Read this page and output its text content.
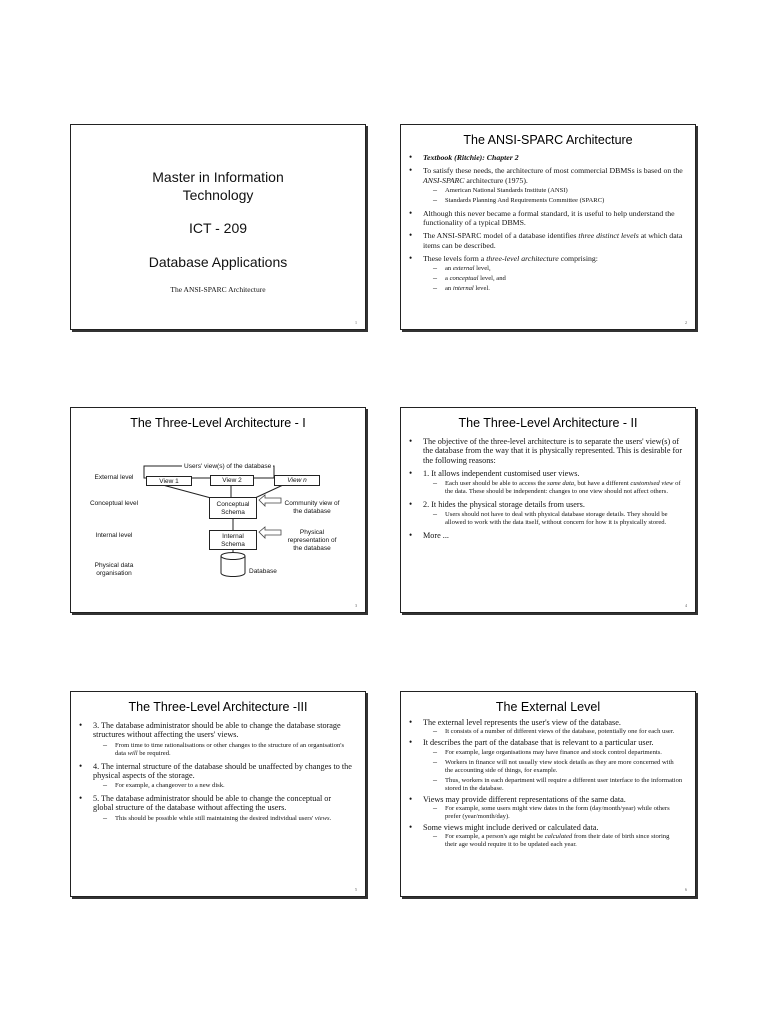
Master in Information
Technology
ICT - 209
Database Applications
The ANSI-SPARC Architecture
1
The ANSI-SPARC Architecture
• Textbook (Ritchie): Chapter 2
• To satisfy these needs, the architecture of most commercial DBMSs is based on the ANSI-SPARC architecture (1975).
– American National Standards Institute (ANSI)
– Standards Planning And Requirements Committee (SPARC)
• Although this never became a formal standard, it is useful to help understand the functionality of a typical DBMS.
• The ANSI-SPARC model of a database identifies three distinct levels at which data items can be described.
• These levels form a three-level architecture comprising:
– an external level,
– a conceptual level, and
– an internal level.
2
The Three-Level Architecture - I
Users' view(s) of the database
View 1	View 2	View n
Conceptual Schema
Internal Schema
External level
Conceptual level
Internal level
Physical data organisation
Community view of the database
Physical representation of the database
Database
3
The Three-Level Architecture - II
• The objective of the three-level architecture is to separate the users' view(s) of the database from the way that it is physically represented. This is desirable for the following reasons:
• 1. It allows independent customised user views.
– Each user should be able to access the same data, but have a different customised view of the data. These should be independent: changes to one view should not affect others.
• 2. It hides the physical storage details from users.
– Users should not have to deal with physical database storage details. They should be allowed to work with the data itself, without concern for how it is physically stored.
• More ...
4
The Three-Level Architecture -III
• 3. The database administrator should be able to change the database storage structures without affecting the users' views.
– From time to time rationalisations or other changes to the structure of an organisation's data will be required.
• 4. The internal structure of the database should be unaffected by changes to the physical aspects of the storage.
– For example, a changeover to a new disk.
• 5. The database administrator should be able to change the conceptual or global structure of the database without affecting the users.
– This should be possible while still maintaining the desired individual users' views.
5
The External Level
• The external level represents the user's view of the database.
– It consists of a number of different views of the database, potentially one for each user.
• It describes the part of the database that is relevant to a particular user.
– For example, large organisations may have finance and stock control departments.
– Workers in finance will not usually view stock details as they are more concerned with the accounting side of things, for example.
– Thus, workers in each department will require a different user interface to the information stored in the database.
• Views may provide different representations of the same data.
– For example, some users might view dates in the form (day/month/year) while others prefer (year/month/day).
• Some views might include derived or calculated data.
– For example, a person's age might be calculated from their date of birth since storing their age would require it to be updated each year.
6
